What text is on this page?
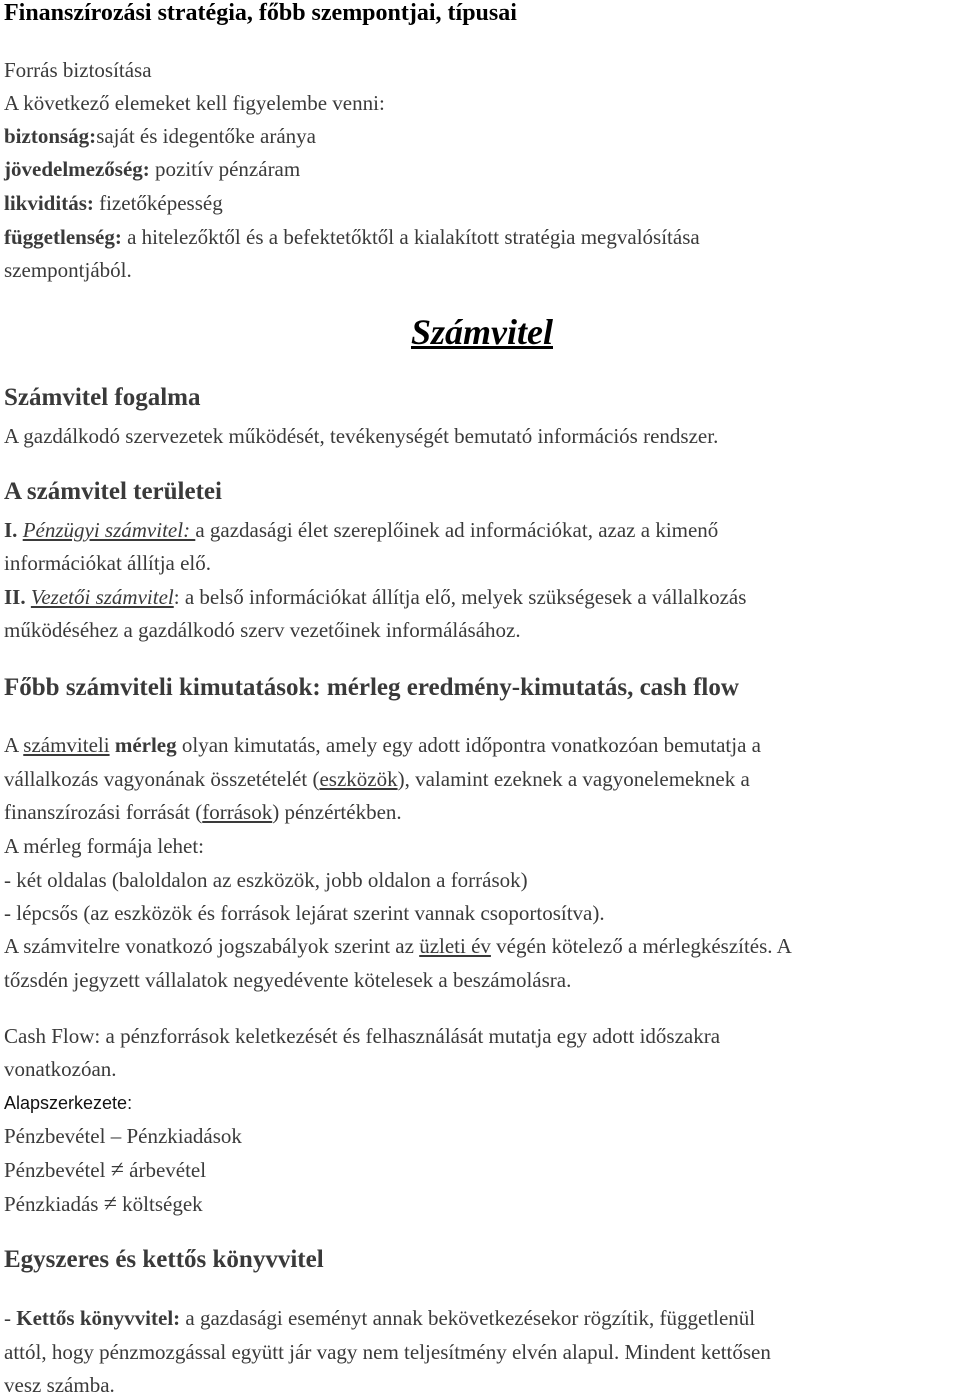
Finanszírozási stratégia, főbb szempontjai, típusai
Forrás biztosítása
A következő elemeket kell figyelembe venni:
biztonság:saját és idegentőke aránya
jövedelmezőség: pozitív pénzáram
likviditás: fizetőképesség
függetlenség: a hitelezőktől és a befektetőktől a kialakított stratégia megvalósítása
szempontjából.
Számvitel
Számvitel fogalma
A gazdálkodó szervezetek működését, tevékenységét bemutató információs rendszer.
A számvitel területei
I. Pénzügyi számvitel: a gazdasági élet szereplőinek ad információkat, azaz a kimenő
információkat állítja elő.
II. Vezetői számvitel: a belső információkat állítja elő, melyek szükségesek a vállalkozás
működéséhez a gazdálkodó szerv vezetőinek informálásához.
Főbb számviteli kimutatások: mérleg eredmény-kimutatás, cash flow
A számviteli mérleg olyan kimutatás, amely egy adott időpontra vonatkozóan bemutatja a
vállalkozás vagyonának összetételét (eszközök), valamint ezeknek a vagyonelemeknek a
finanszírozási forrását (források) pénzértékben.
A mérleg formája lehet:
- két oldalas (baloldalon az eszközök, jobb oldalon a források)
- lépcsős (az eszközök és források lejárat szerint vannak csoportosítva).
A számvitelre vonatkozó jogszabályok szerint az üzleti év végén kötelező a mérlegkészítés. A
tőzsdén jegyzett vállalatok negyedévente kötelesek a beszámolásra.
Cash Flow: a pénzforrások keletkezését és felhasználását mutatja egy adott időszakra
vonatkozóan.
Alapszerkezete:
Pénzbevétel – Pénzkiadások
Pénzbevétel ≠ árbevétel
Pénzkiadás ≠ költségek
Egyszeres és kettős könyvvitel
- Kettős könyvvitel: a gazdasági eseményt annak bekövetkezésekor rögzítik, függetlenül
attól, hogy pénzmozgással együtt jár vagy nem teljesítmény elvén alapul. Mindent kettősen
vesz számba.
